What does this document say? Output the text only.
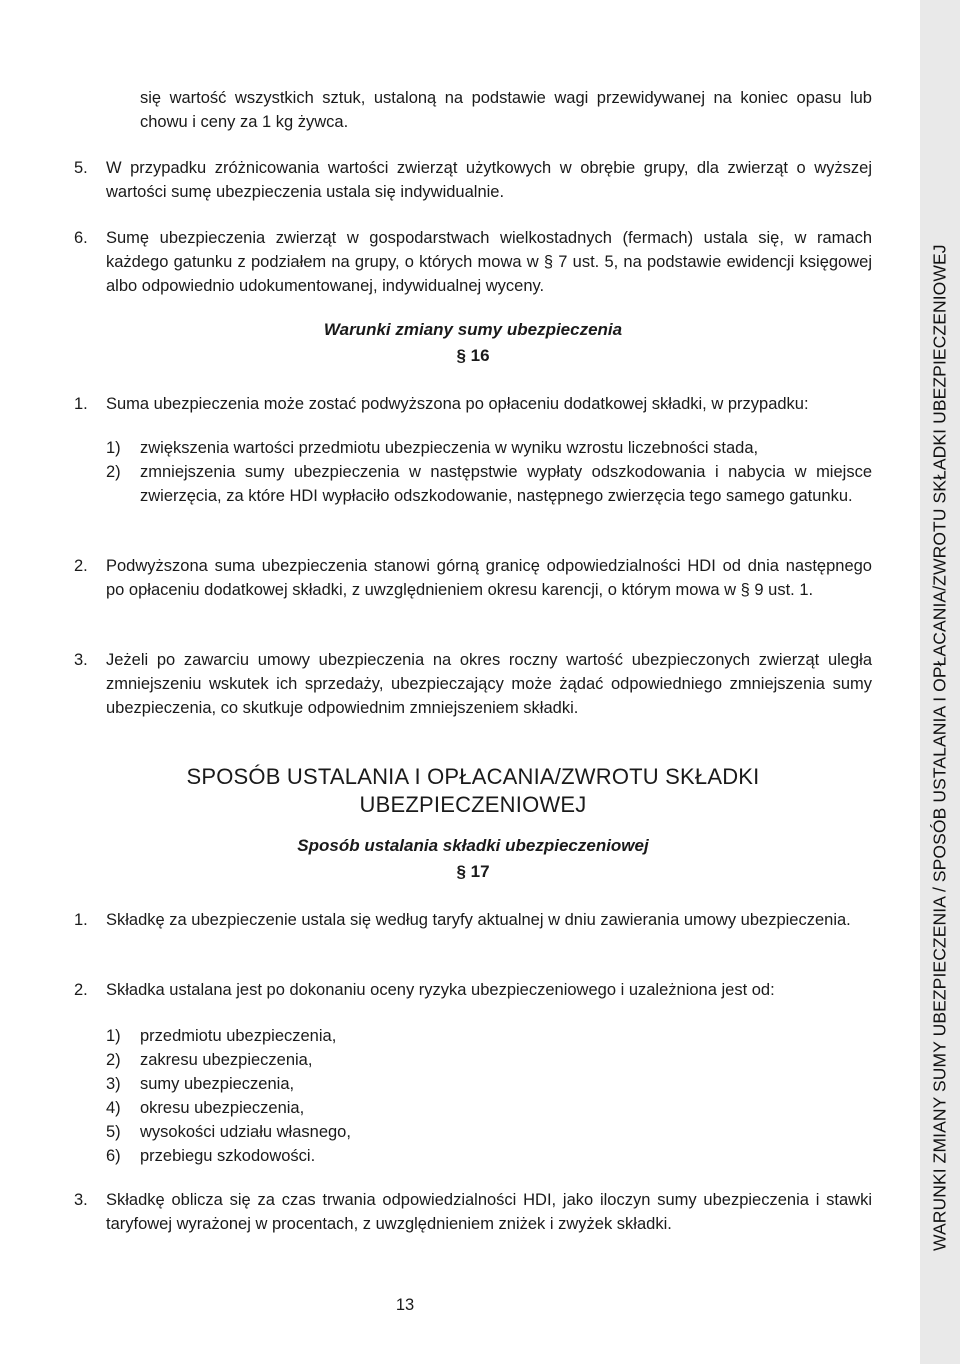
WARUNKI ZMIANY SUMY UBEZPIECZENIA / SPOSÓB USTALANIA I OPŁACANIA/ZWROTU SKŁADKI UBEZPIECZENIOWEJ
się wartość wszystkich sztuk, ustaloną na podstawie wagi przewidywanej na koniec opasu lub chowu i ceny za 1 kg żywca.
5. W przypadku zróżnicowania wartości zwierząt użytkowych w obrębie grupy, dla zwierząt o wyższej wartości sumę ubezpieczenia ustala się indywidualnie.
6. Sumę ubezpieczenia zwierząt w gospodarstwach wielkostadnych (fermach) ustala się, w ramach każdego gatunku z podziałem na grupy, o których mowa w § 7 ust. 5, na podstawie ewidencji księgowej albo odpowiednio udokumentowanej, indywidualnej wyceny.
Warunki zmiany sumy ubezpieczenia
§ 16
1. Suma ubezpieczenia może zostać podwyższona po opłaceniu dodatkowej składki, w przypadku:
1) zwiększenia wartości przedmiotu ubezpieczenia w wyniku wzrostu liczebności stada,
2) zmniejszenia sumy ubezpieczenia w następstwie wypłaty odszkodowania i nabycia w miejsce zwierzęcia, za które HDI wypłaciło odszkodowanie, następnego zwierzęcia tego samego gatunku.
2. Podwyższona suma ubezpieczenia stanowi górną granicę odpowiedzialności HDI od dnia następnego po opłaceniu dodatkowej składki, z uwzględnieniem okresu karencji, o którym mowa w § 9 ust. 1.
3. Jeżeli po zawarciu umowy ubezpieczenia na okres roczny wartość ubezpieczonych zwierząt uległa zmniejszeniu wskutek ich sprzedaży, ubezpieczający może żądać odpowiedniego zmniejszenia sumy ubezpieczenia, co skutkuje odpowiednim zmniejszeniem składki.
SPOSÓB USTALANIA I OPŁACANIA/ZWROTU SKŁADKI
UBEZPIECZENIOWEJ
Sposób ustalania składki ubezpieczeniowej
§ 17
1. Składkę za ubezpieczenie ustala się według taryfy aktualnej w dniu zawierania umowy ubezpieczenia.
2. Składka ustalana jest po dokonaniu oceny ryzyka ubezpieczeniowego i uzależniona jest od:
1) przedmiotu ubezpieczenia,
2) zakresu ubezpieczenia,
3) sumy ubezpieczenia,
4) okresu ubezpieczenia,
5) wysokości udziału własnego,
6) przebiegu szkodowości.
3. Składkę oblicza się za czas trwania odpowiedzialności HDI, jako iloczyn sumy ubezpieczenia i stawki taryfowej wyrażonej w procentach, z uwzględnieniem zniżek i zwyżek składki.
13
